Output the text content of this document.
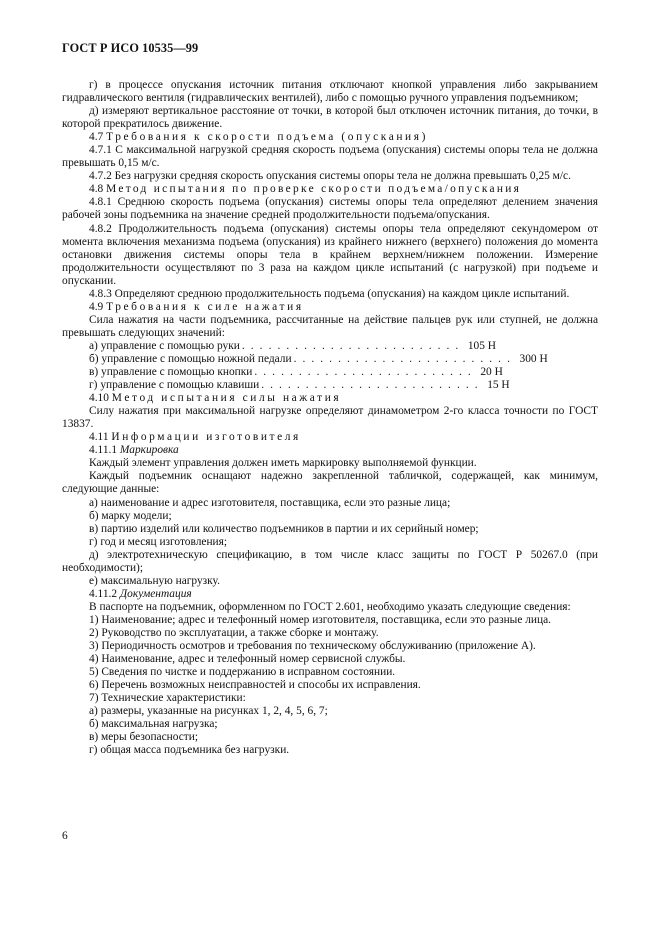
ГОСТ Р ИСО 10535—99

г) в процессе опускания источник питания отключают кнопкой управления либо закрыванием гидравлического вентиля (гидравлических вентилей), либо с помощью ручного управления подъемником;

д) измеряют вертикальное расстояние от точки, в которой был отключен источник питания, до точки, в которой прекратилось движение.

4.7 Требования к скорости подъема (опускания)

4.7.1 С максимальной нагрузкой средняя скорость подъема (опускания) системы опоры тела не должна превышать 0,15 м/с.

4.7.2 Без нагрузки средняя скорость опускания системы опоры тела не должна превышать 0,25 м/с.

4.8 Метод испытания по проверке скорости подъема/опускания

4.8.1 Среднюю скорость подъема (опускания) системы опоры тела определяют делением значения рабочей зоны подъемника на значение средней продолжительности подъема/опускания.

4.8.2 Продолжительность подъема (опускания) системы опоры тела определяют секундомером от момента включения механизма подъема (опускания) из крайнего нижнего (верхнего) положения до момента остановки движения системы опоры тела в крайнем верхнем/нижнем положении. Измерение продолжительности осуществляют по 3 раза на каждом цикле испытаний (с нагрузкой) при подъеме и опускании.

4.8.3 Определяют среднюю продолжительность подъема (опускания) на каждом цикле испытаний.

4.9 Требования к силе нажатия

Сила нажатия на части подъемника, рассчитанные на действие пальцев рук или ступней, не должна превышать следующих значений:

а) управление с помощью руки . . . . . . . . . . . . . . . . . . . . . . . . . 105 Н
б) управление с помощью ножной педали . . . . . . . . . . . . . . . . . . . . . . . . . 300 Н
в) управление с помощью кнопки . . . . . . . . . . . . . . . . . . . . . . . . . 20 Н
г) управление с помощью клавиши . . . . . . . . . . . . . . . . . . . . . . . . . 15 Н

4.10 Метод испытания силы нажатия

Силу нажатия при максимальной нагрузке определяют динамометром 2-го класса точности по ГОСТ 13837.

4.11 Информации изготовителя

4.11.1 Маркировка

Каждый элемент управления должен иметь маркировку выполняемой функции.

Каждый подъемник оснащают надежно закрепленной табличкой, содержащей, как минимум, следующие данные:

а) наименование и адрес изготовителя, поставщика, если это разные лица;

б) марку модели;

в) партию изделий или количество подъемников в партии и их серийный номер;

г) год и месяц изготовления;

д) электротехническую спецификацию, в том числе класс защиты по ГОСТ Р 50267.0 (при необходимости);

е) максимальную нагрузку.

4.11.2 Документация

В паспорте на подъемник, оформленном по ГОСТ 2.601, необходимо указать следующие сведения:

1) Наименование; адрес и телефонный номер изготовителя, поставщика, если это разные лица.

2) Руководство по эксплуатации, а также сборке и монтажу.

3) Периодичность осмотров и требования по техническому обслуживанию (приложение А).

4) Наименование, адрес и телефонный номер сервисной службы.

5) Сведения по чистке и поддержанию в исправном состоянии.

6) Перечень возможных неисправностей и способы их исправления.

7) Технические характеристики:

а) размеры, указанные на рисунках 1, 2, 4, 5, 6, 7;

б) максимальная нагрузка;

в) меры безопасности;

г) общая масса подъемника без нагрузки.

6
